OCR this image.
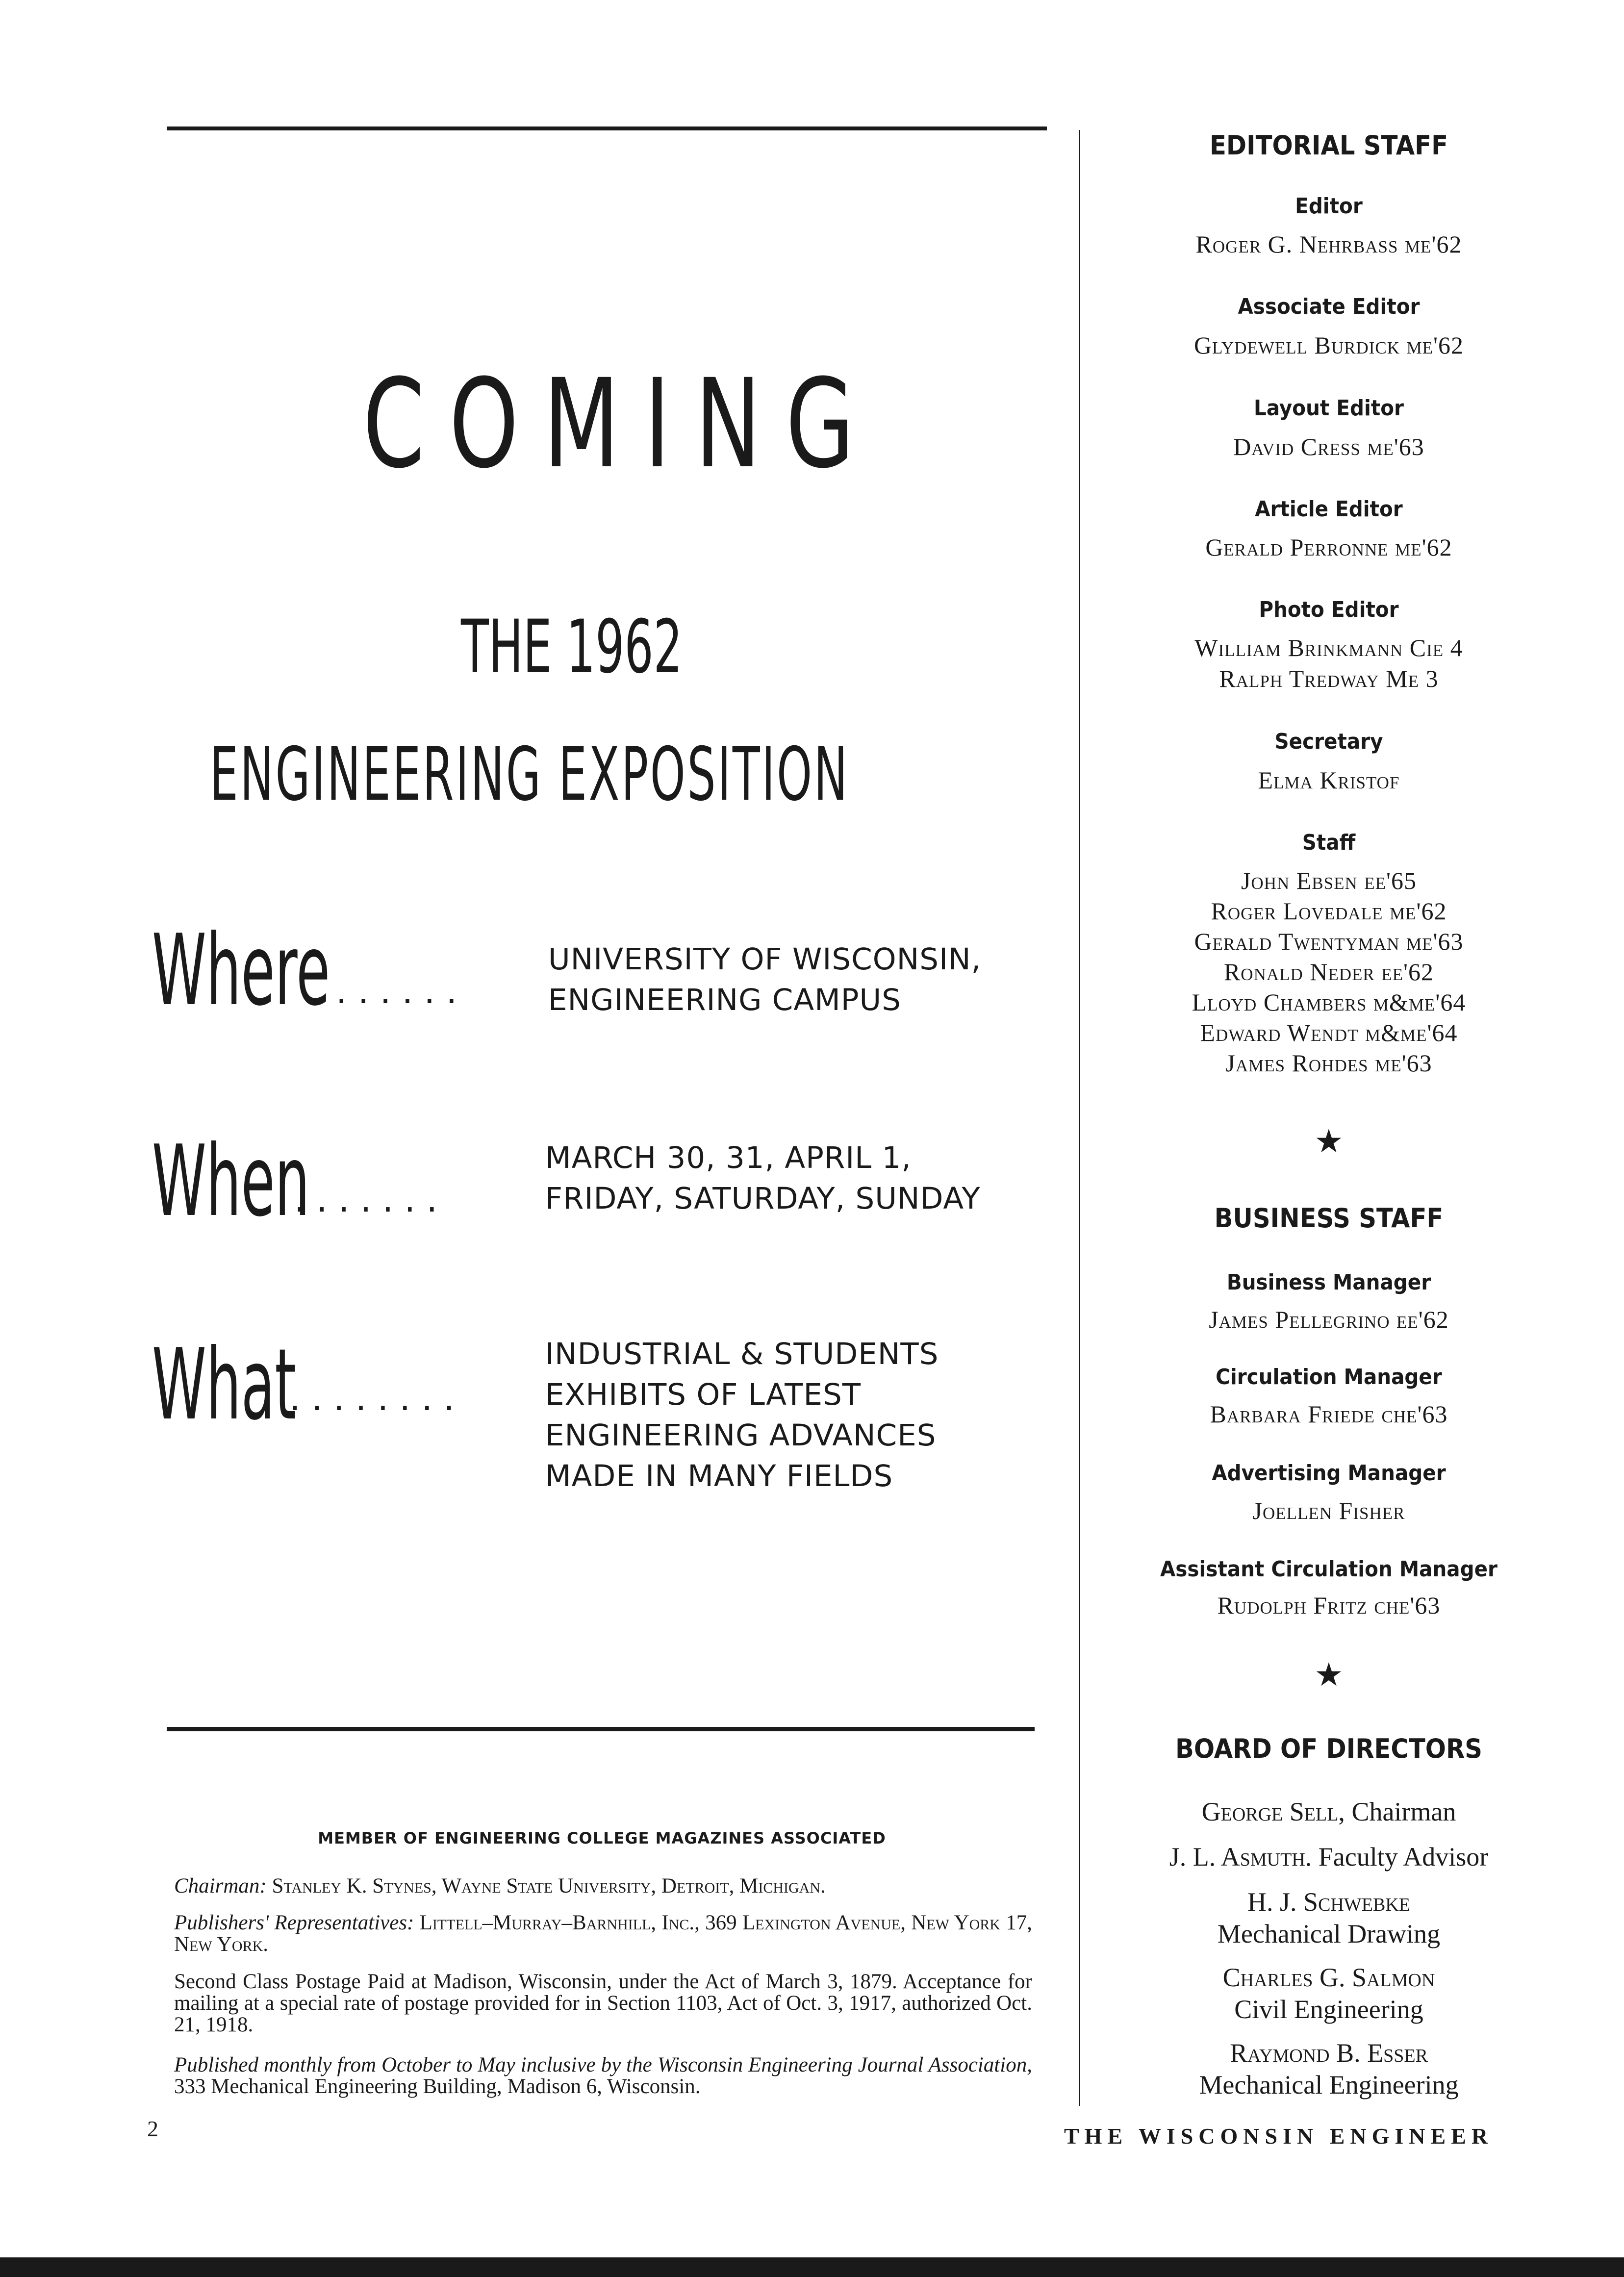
COMING
THE 1962
ENGINEERING EXPOSITION
Where
.......
UNIVERSITY OF WISCONSIN,
ENGINEERING CAMPUS
When
.......
MARCH 30, 31, APRIL 1,
FRIDAY, SATURDAY, SUNDAY
What
........
INDUSTRIAL & STUDENTS
EXHIBITS OF LATEST
ENGINEERING ADVANCES
MADE IN MANY FIELDS
MEMBER OF ENGINEERING COLLEGE MAGAZINES ASSOCIATED
Chairman: Stanley K. Stynes, Wayne State University, Detroit, Michigan.
Publishers' Representatives: Littell–Murray–Barnhill, Inc., 369 Lexington Avenue, New York 17, New York.
Second Class Postage Paid at Madison, Wisconsin, under the Act of March 3, 1879. Acceptance for mailing at a special rate of postage provided for in Section 1103, Act of Oct. 3, 1917, authorized Oct. 21, 1918.
Published monthly from October to May inclusive by the Wisconsin Engineering Journal Association, 333 Mechanical Engineering Building, Madison 6, Wisconsin.
2
EDITORIAL STAFF
Editor
Roger G. Nehrbass me'62
Associate Editor
Glydewell Burdick me'62
Layout Editor
David Cress me'63
Article Editor
Gerald Perronne me'62
Photo Editor
William Brinkmann Cie 4
Ralph Tredway Me 3
Secretary
Elma Kristof
Staff
John Ebsen ee'65
Roger Lovedale me'62
Gerald Twentyman me'63
Ronald Neder ee'62
Lloyd Chambers m&me'64
Edward Wendt m&me'64
James Rohdes me'63
★
BUSINESS STAFF
Business Manager
James Pellegrino ee'62
Circulation Manager
Barbara Friede che'63
Advertising Manager
Joellen Fisher
Assistant Circulation Manager
Rudolph Fritz che'63
★
BOARD OF DIRECTORS
George Sell, Chairman
J. L. Asmuth. Faculty Advisor
H. J. Schwebke
Mechanical Drawing
Charles G. Salmon
Civil Engineering
Raymond B. Esser
Mechanical Engineering
THE WISCONSIN ENGINEER
